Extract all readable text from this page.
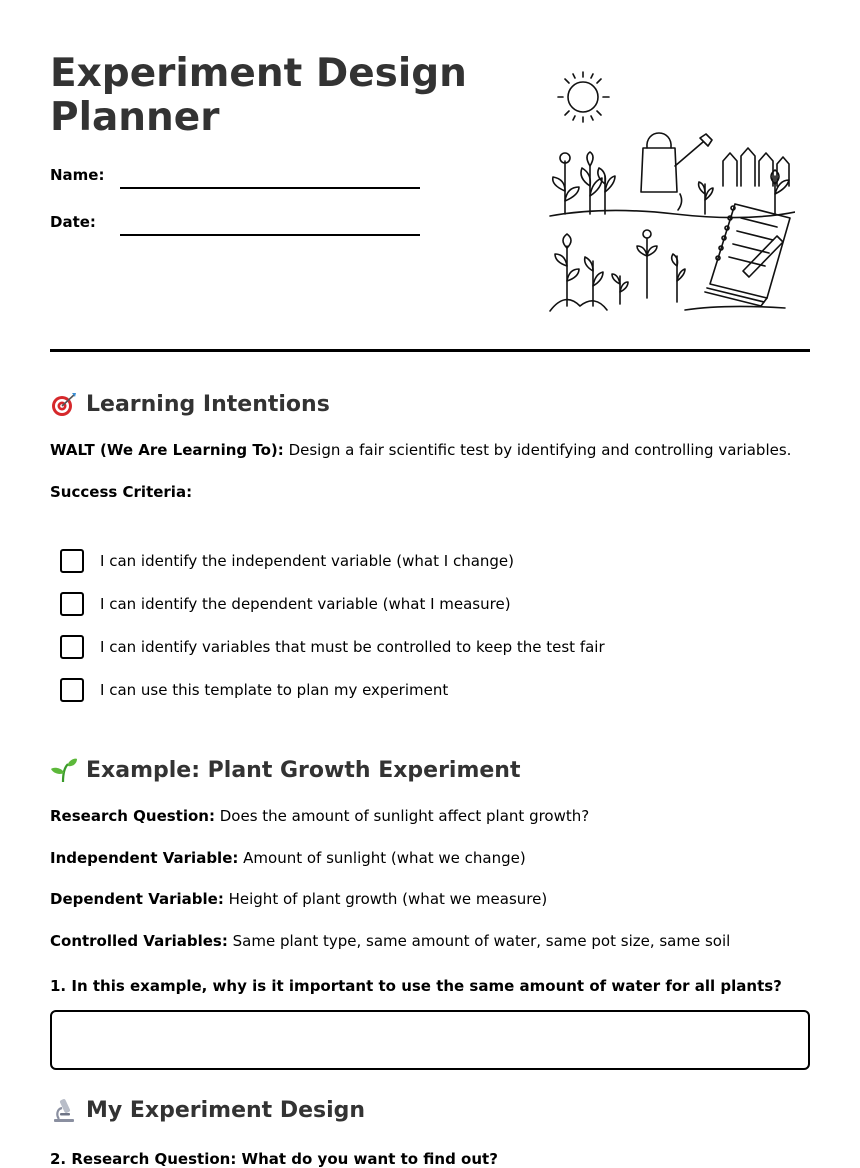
Experiment Design Planner
Name:
Date:
Learning Intentions
WALT (We Are Learning To): Design a fair scientific test by identifying and controlling variables.
Success Criteria:
I can identify the independent variable (what I change)
I can identify the dependent variable (what I measure)
I can identify variables that must be controlled to keep the test fair
I can use this template to plan my experiment
Example: Plant Growth Experiment
Research Question: Does the amount of sunlight affect plant growth?
Independent Variable: Amount of sunlight (what we change)
Dependent Variable: Height of plant growth (what we measure)
Controlled Variables: Same plant type, same amount of water, same pot size, same soil
1. In this example, why is it important to use the same amount of water for all plants?
My Experiment Design
2. Research Question: What do you want to find out?
